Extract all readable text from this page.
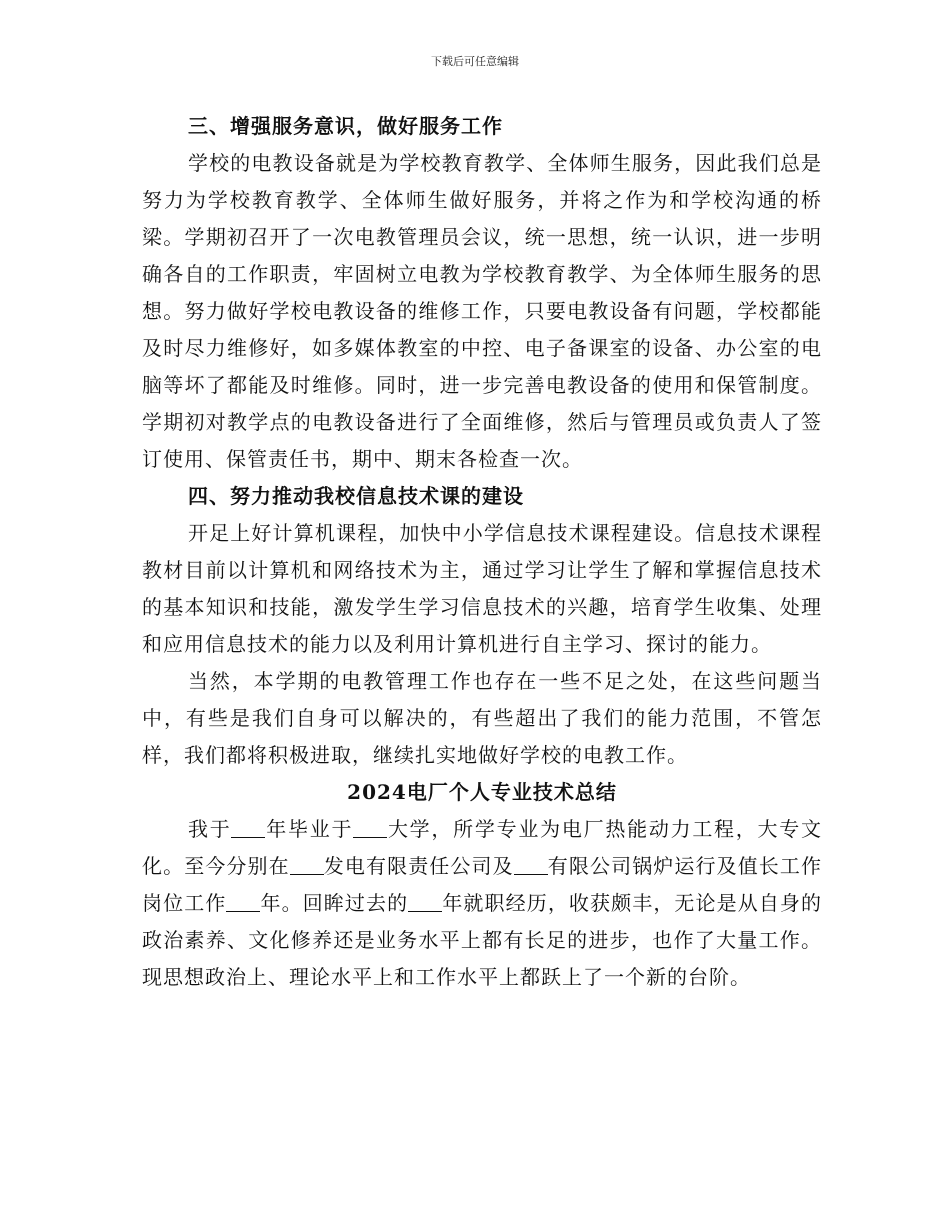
下载后可任意编辑

三、增强服务意识，做好服务工作

学校的电教设备就是为学校教育教学、全体师生服务，因此我们总是努力为学校教育教学、全体师生做好服务，并将之作为和学校沟通的桥梁。学期初召开了一次电教管理员会议，统一思想，统一认识，进一步明确各自的工作职责，牢固树立电教为学校教育教学、为全体师生服务的思想。努力做好学校电教设备的维修工作，只要电教设备有问题，学校都能及时尽力维修好，如多媒体教室的中控、电子备课室的设备、办公室的电脑等坏了都能及时维修。同时，进一步完善电教设备的使用和保管制度。学期初对教学点的电教设备进行了全面维修，然后与管理员或负责人了签订使用、保管责任书，期中、期末各检查一次。

四、努力推动我校信息技术课的建设

开足上好计算机课程，加快中小学信息技术课程建设。信息技术课程教材目前以计算机和网络技术为主，通过学习让学生了解和掌握信息技术的基本知识和技能，激发学生学习信息技术的兴趣，培育学生收集、处理和应用信息技术的能力以及利用计算机进行自主学习、探讨的能力。

当然，本学期的电教管理工作也存在一些不足之处，在这些问题当中，有些是我们自身可以解决的，有些超出了我们的能力范围，不管怎样，我们都将积极进取，继续扎实地做好学校的电教工作。

2024电厂个人专业技术总结

我于 年毕业于 大学，所学专业为电厂热能动力工程，大专文化。至今分别在 发电有限责任公司及 有限公司锅炉运行及值长工作岗位工作 年。回眸过去的 年就职经历，收获颇丰，无论是从自身的政治素养、文化修养还是业务水平上都有长足的进步，也作了大量工作。现思想政治上、理论水平上和工作水平上都跃上了一个新的台阶。
